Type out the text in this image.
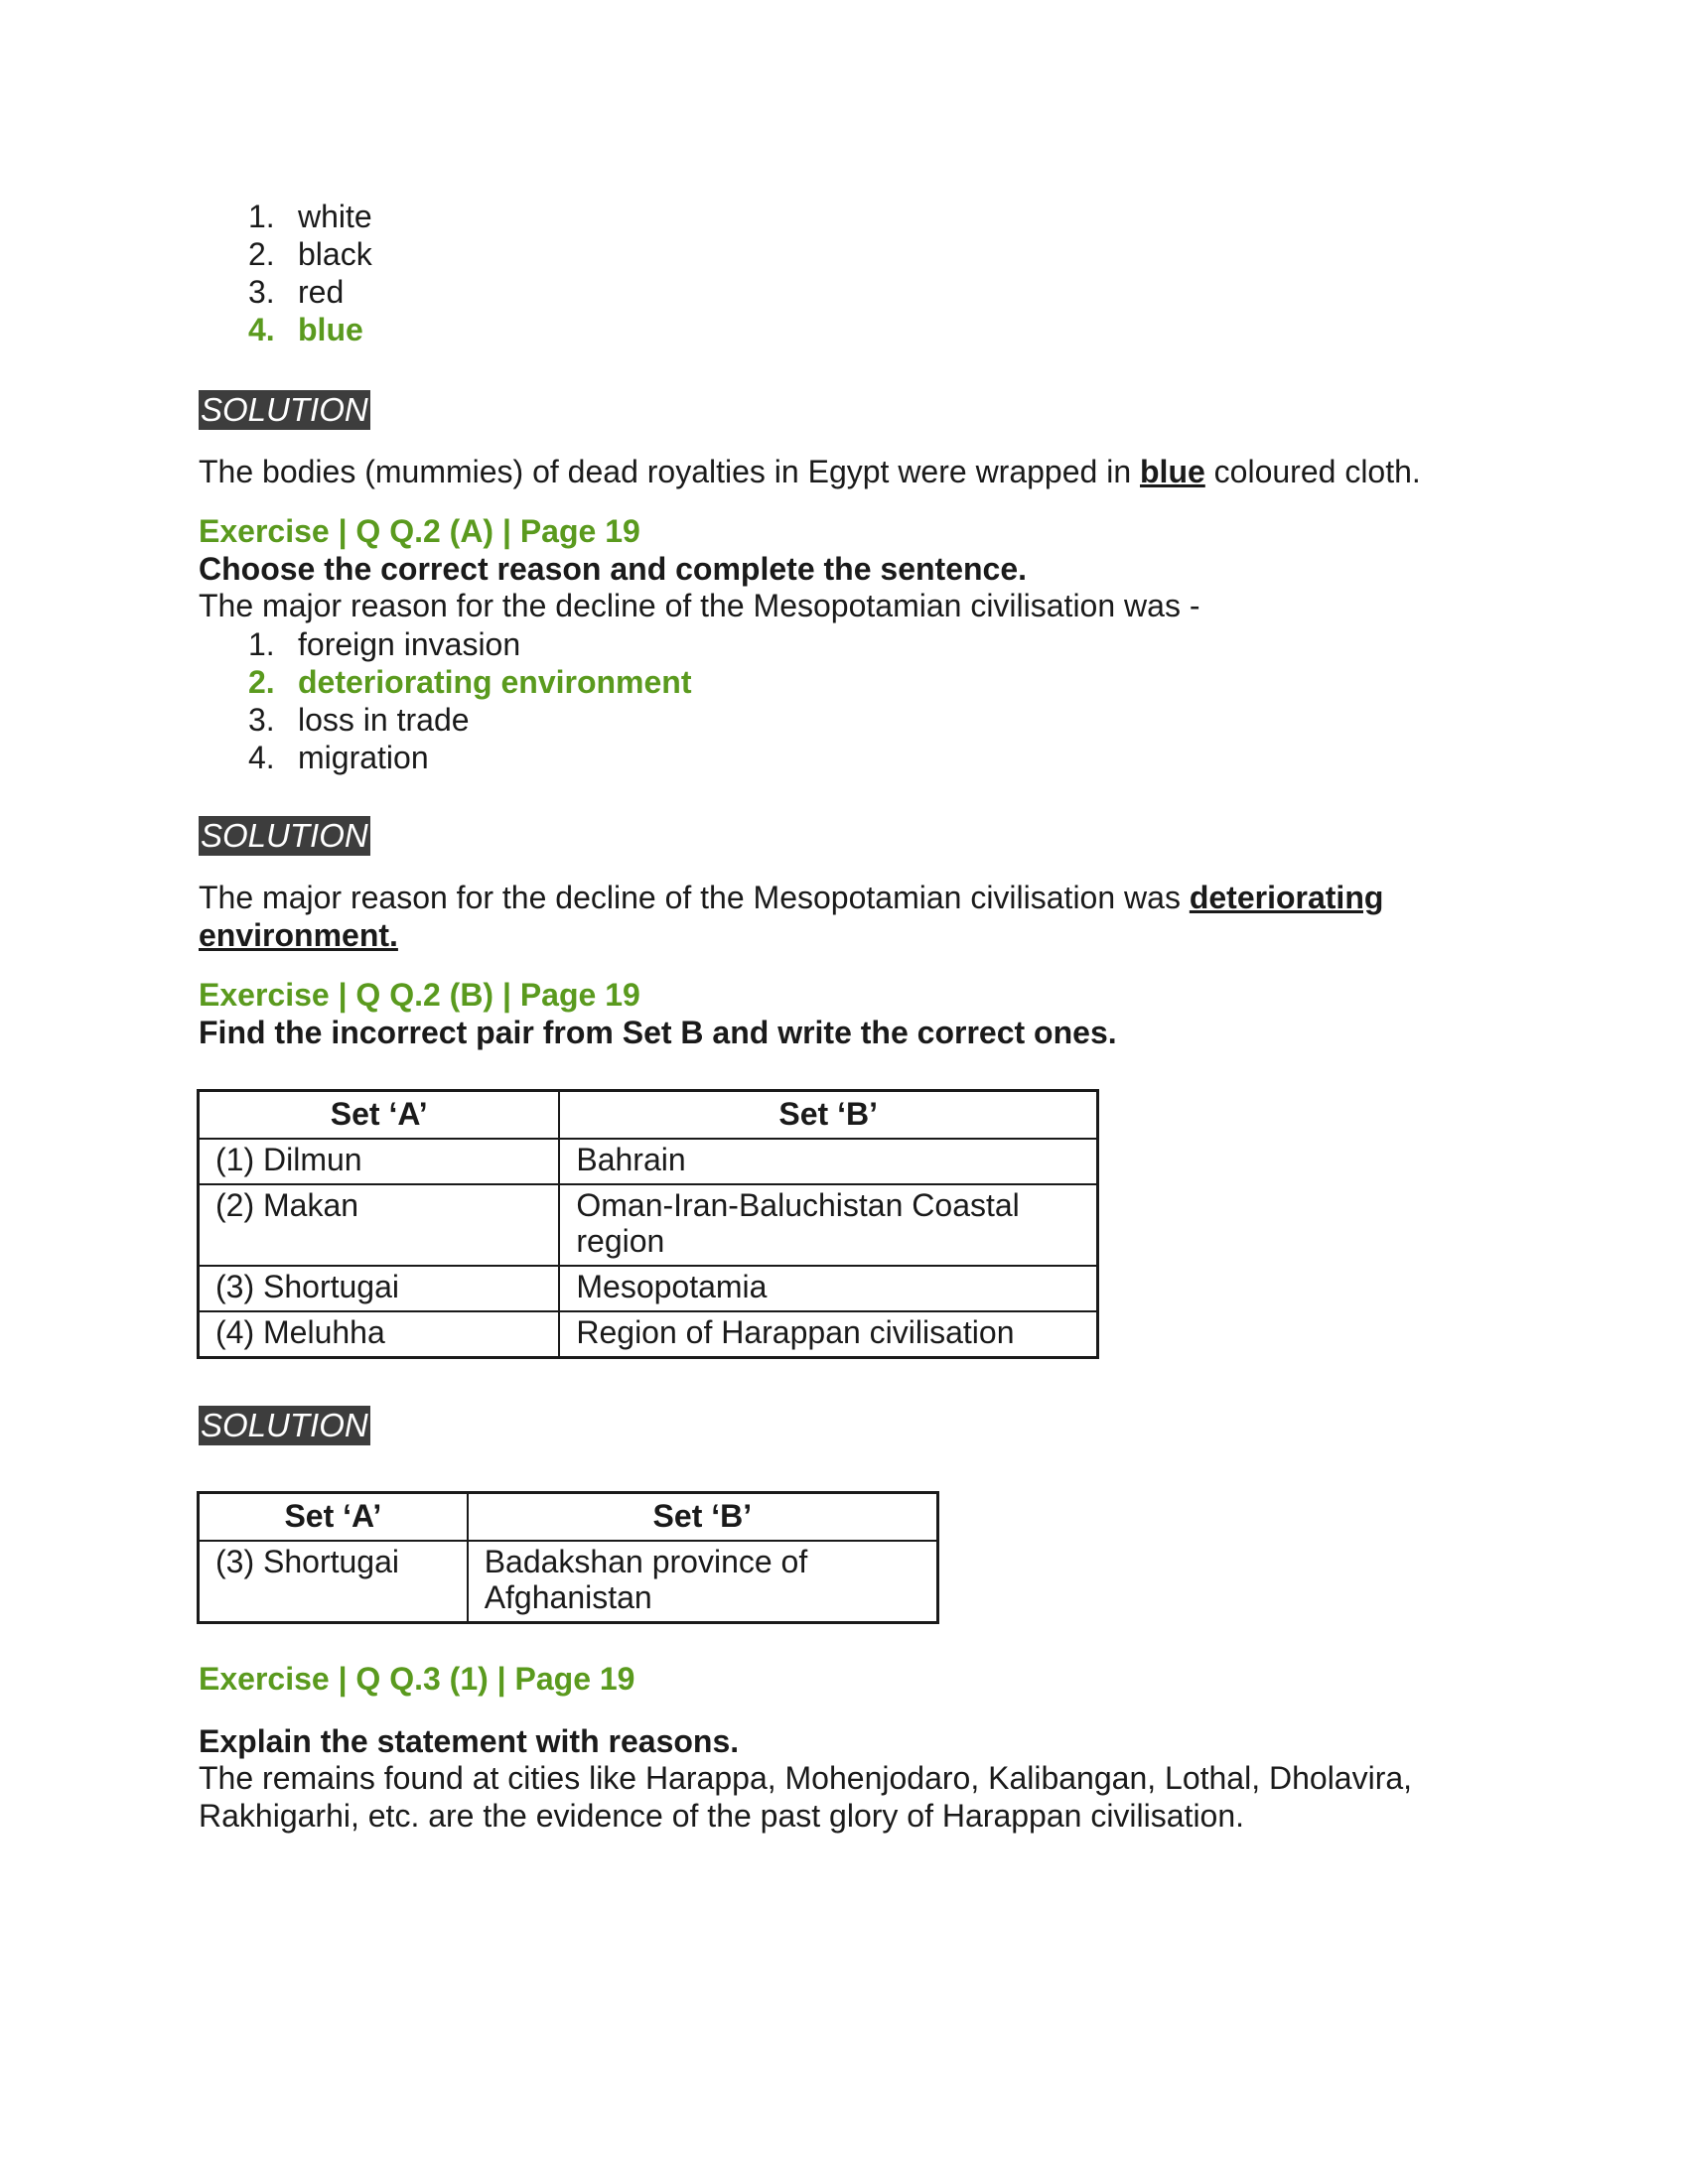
1. white
2. black
3. red
4. blue
SOLUTION
The bodies (mummies) of dead royalties in Egypt were wrapped in blue coloured cloth.
Exercise | Q Q.2 (A) | Page 19
Choose the correct reason and complete the sentence.
The major reason for the decline of the Mesopotamian civilisation was -
1. foreign invasion
2. deteriorating environment
3. loss in trade
4. migration
SOLUTION
The major reason for the decline of the Mesopotamian civilisation was deteriorating
environment.
Exercise | Q Q.2 (B) | Page 19
Find the incorrect pair from Set B and write the correct ones.
Set ‘A’	Set ‘B’
(1) Dilmun	Bahrain
(2) Makan	Oman-Iran-Baluchistan Coastal region
(3) Shortugai	Mesopotamia
(4) Meluhha	Region of Harappan civilisation
SOLUTION
Set ‘A’	Set ‘B’
(3) Shortugai	Badakshan province of Afghanistan
Exercise | Q Q.3 (1) | Page 19
Explain the statement with reasons.
The remains found at cities like Harappa, Mohenjodaro, Kalibangan, Lothal, Dholavira,
Rakhigarhi, etc. are the evidence of the past glory of Harappan civilisation.
